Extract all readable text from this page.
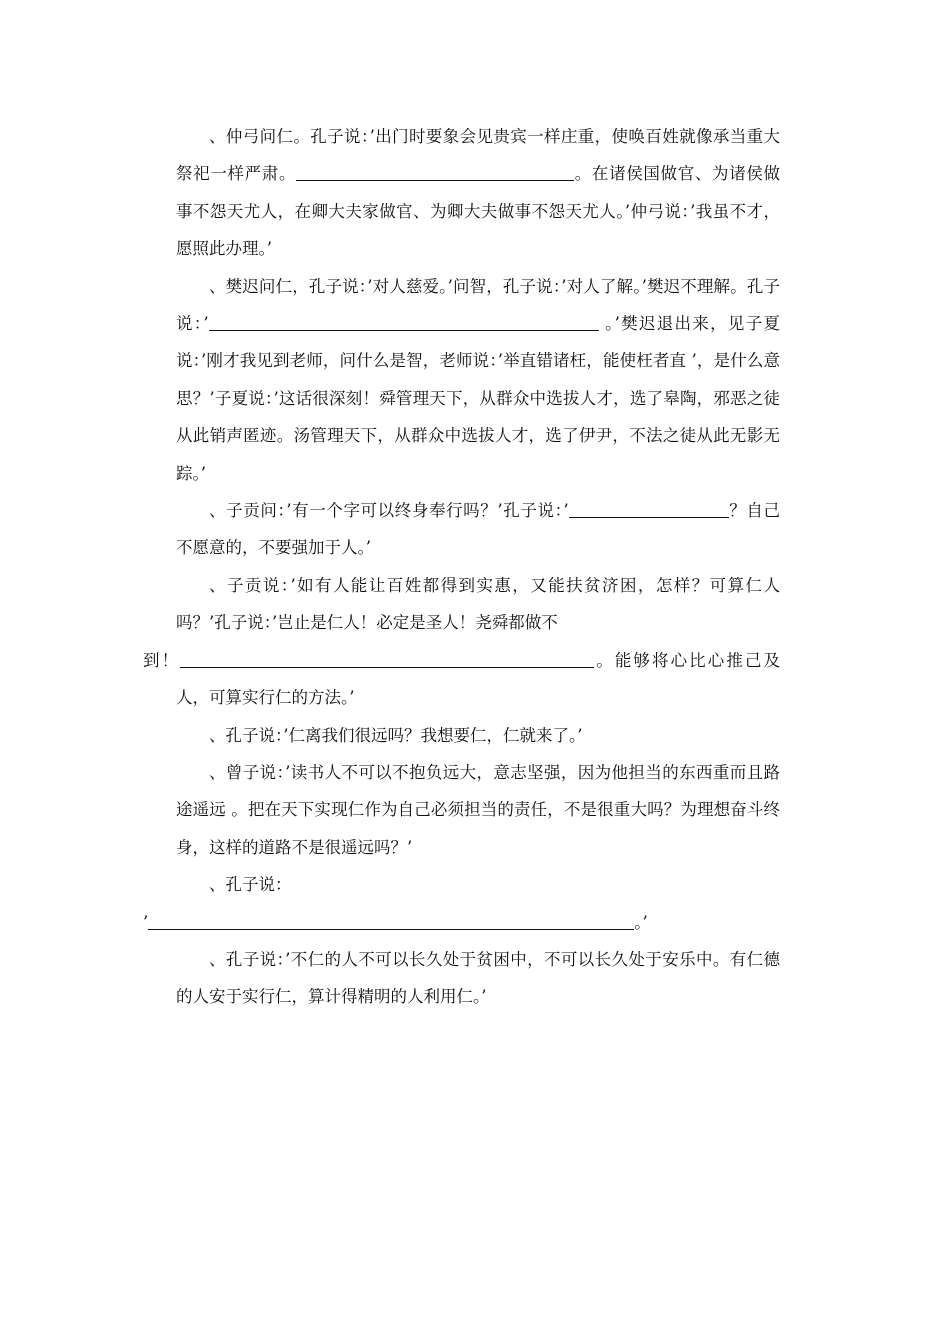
、仲弓问仁。孔子说：’出门时要象会见贵宾一样庄重，使唤百姓就像承当重大祭祀一样严肃。	。在诸侯国做官、为诸侯做事不怨天尤人，在卿大夫家做官、为卿大夫做事不怨天尤人。’仲弓说：’我虽不才，愿照此办理。’

、樊迟问仁，孔子说：’对人慈爱。’问智，孔子说：’对人了解。’樊迟不理解。孔子说：’	。’樊迟退出来，见子夏说：’刚才我见到老师，问什么是智，老师说：’举直错诸枉，能使枉者直 ’，是什么意思？’子夏说：’这话很深刻！舜管理天下，从群众中选拔人才，选了皋陶，邪恶之徒从此销声匿迹。汤管理天下，从群众中选拔人才，选了伊尹，不法之徒从此无影无踪。’

、子贡问：’有一个字可以终身奉行吗？’孔子说：’	？自己不愿意的，不要强加于人。’

、子贡说：’如有人能让百姓都得到实惠，又能扶贫济困，怎样？可算仁人吗？’孔子说：’岂止是仁人！必定是圣人！尧舜都做不
到！	。能够将心比心推己及人，可算实行仁的方法。’

、孔子说：’仁离我们很远吗？我想要仁，仁就来了。’

、曾子说：’读书人不可以不抱负远大，意志坚强，因为他担当的东西重而且路途遥远 。把在天下实现仁作为自己必须担当的责任，不是很重大吗？为理想奋斗终身，这样的道路不是很遥远吗？’

、孔子说：
’	。’

、孔子说：’不仁的人不可以长久处于贫困中，不可以长久处于安乐中。有仁德的人安于实行仁，算计得精明的人利用仁。’
